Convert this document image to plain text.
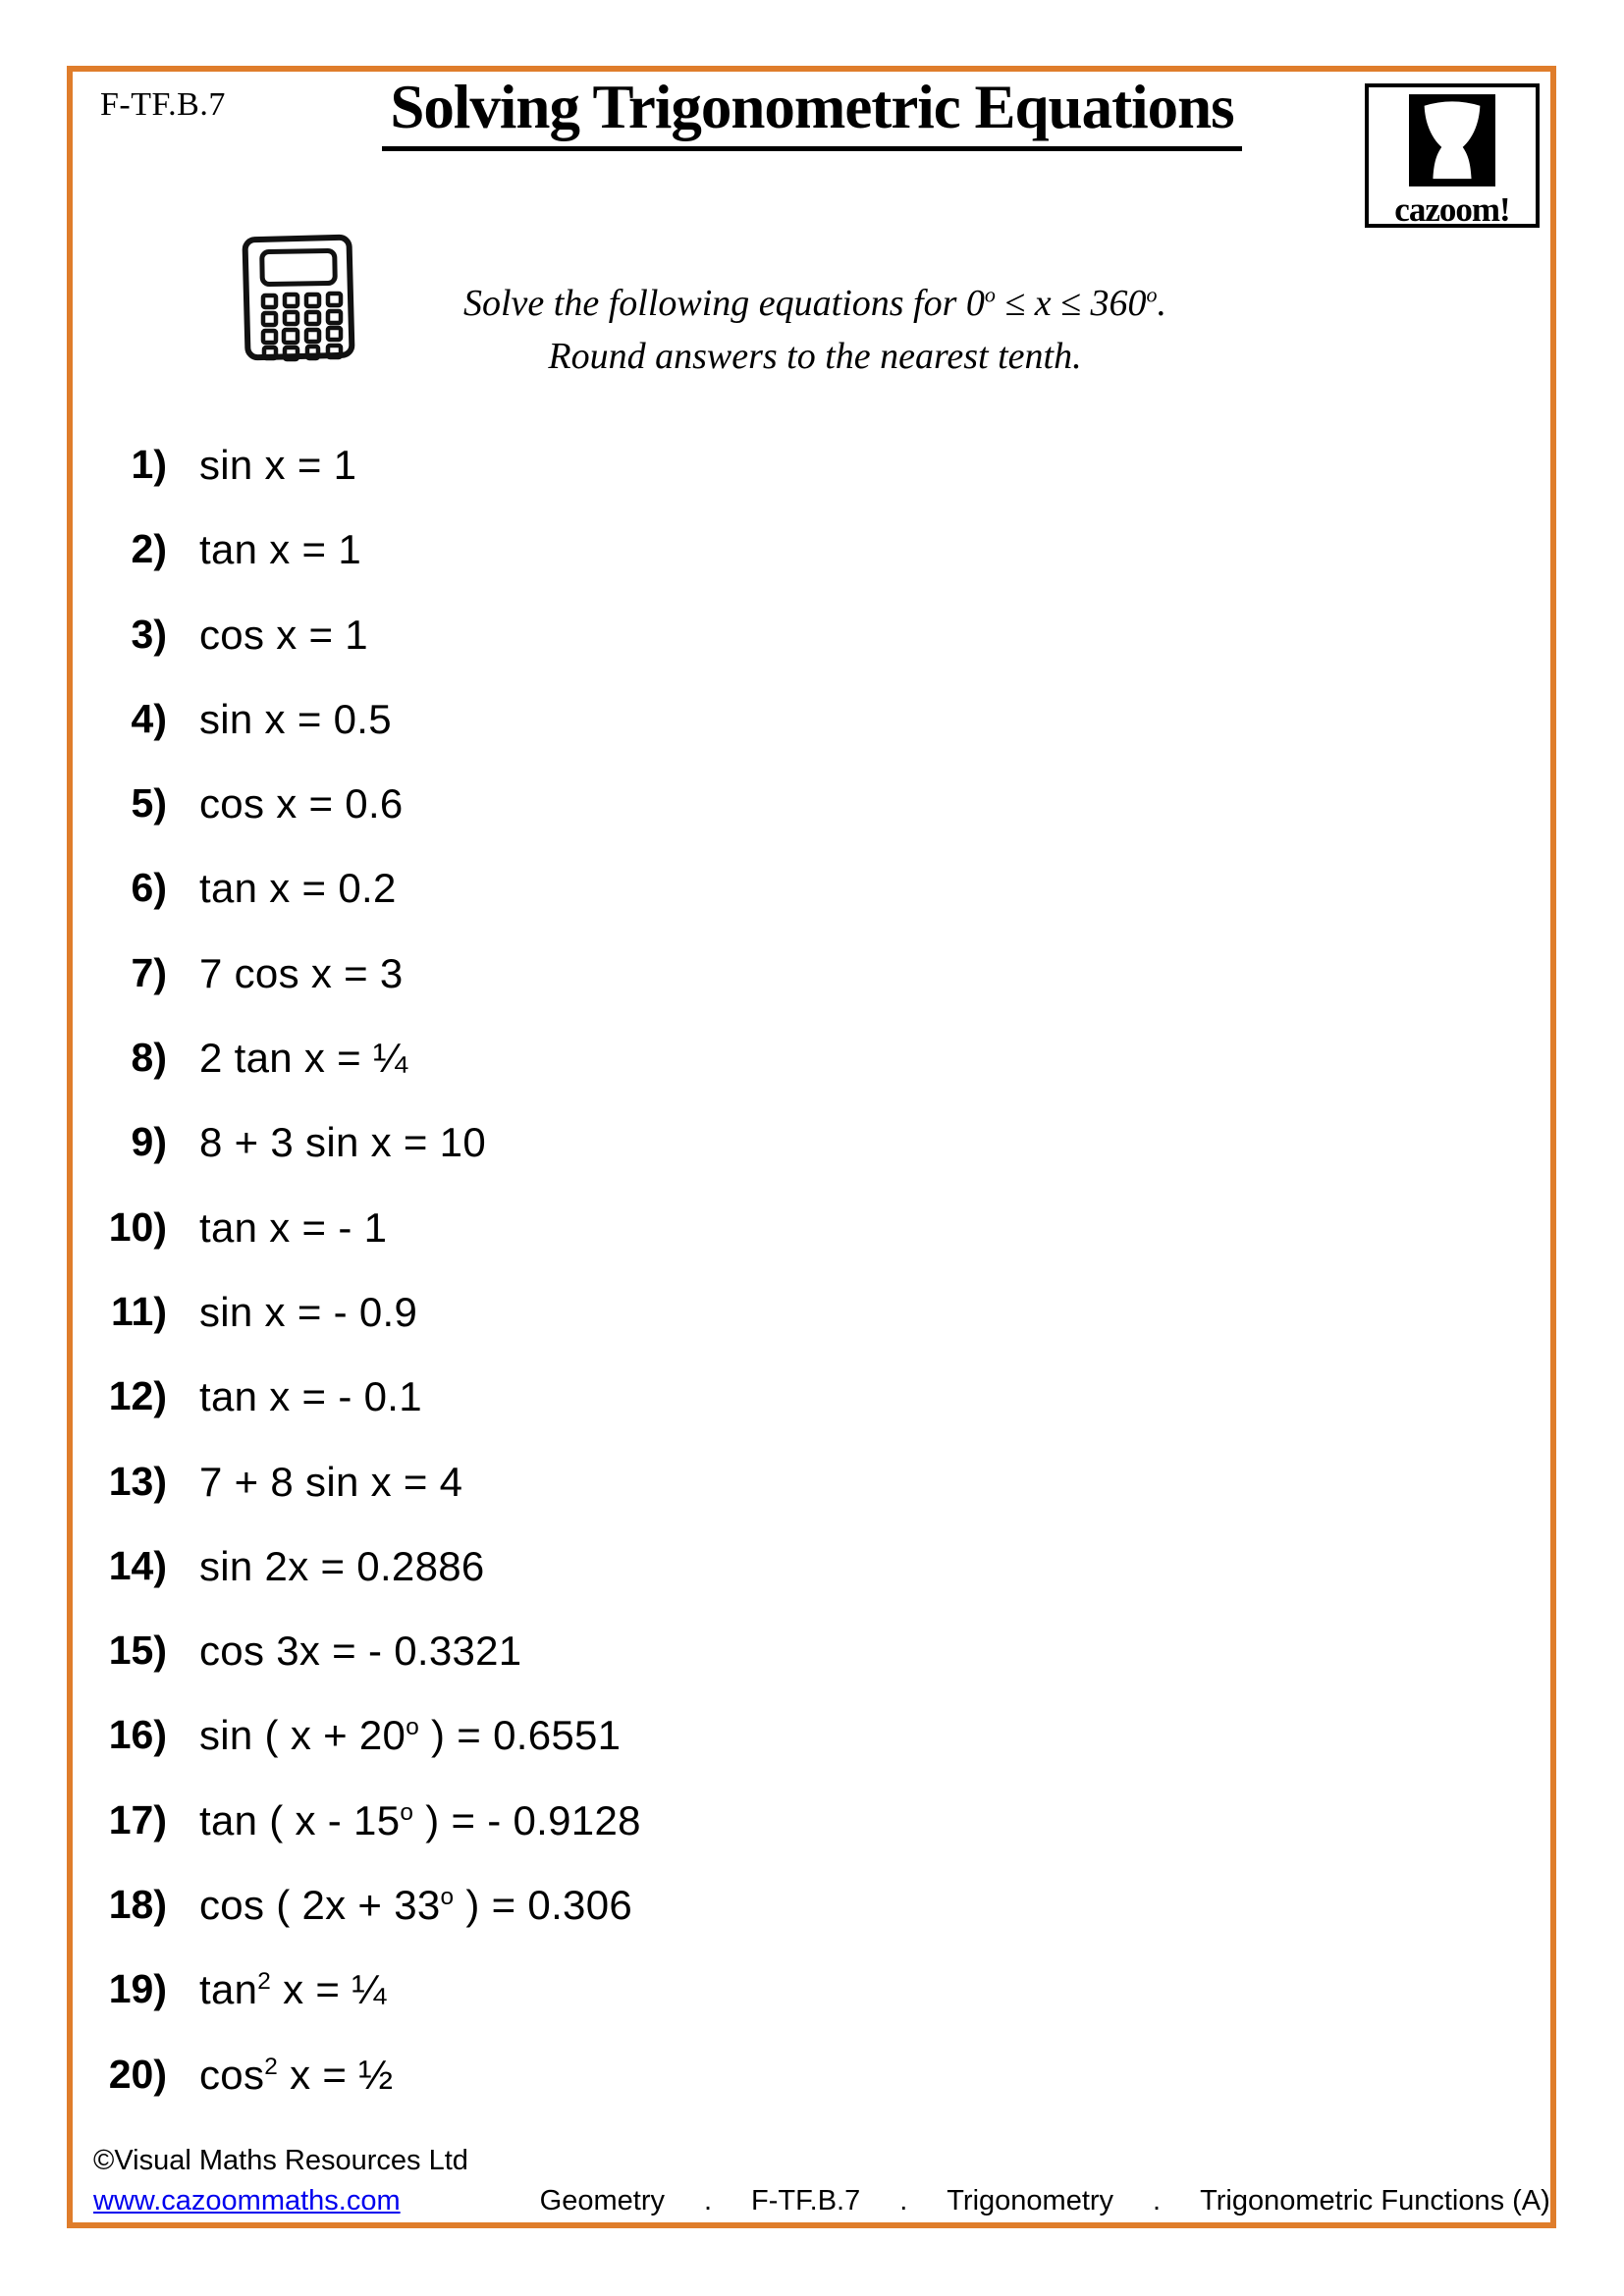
F-TF.B.7	Solving Trigonometric Equations
cazoom!
Solve the following equations for $0^o \le x \le 360^o$.
Round answers to the nearest tenth.
1) sin x = 1
2) tan x = 1
3) cos x = 1
4) sin x = 0.5
5) cos x = 0.6
6) tan x = 0.2
7) 7 cos x = 3
8) 2 tan x = ¼
9) 8 + 3 sin x = 10
10) tan x = - 1
11) sin x = - 0.9
12) tan x = - 0.1
13) 7 + 8 sin x = 4
14) sin 2x = 0.2886
15) cos 3x = - 0.3321
16) sin ( $x + 20^o$ ) = 0.6551
17) tan ( x - 15$^o$ ) = - 0.9128
18) cos ( $2x + 33^o$ ) = 0.306
19) $\tan^2 x$ = ¼
20) $\cos^2 x$ = ½
©Visual Maths Resources Ltd
www.cazoommaths.com	Geometry . F-TF.B.7 . Trigonometry . Trigonometric Functions (A)
